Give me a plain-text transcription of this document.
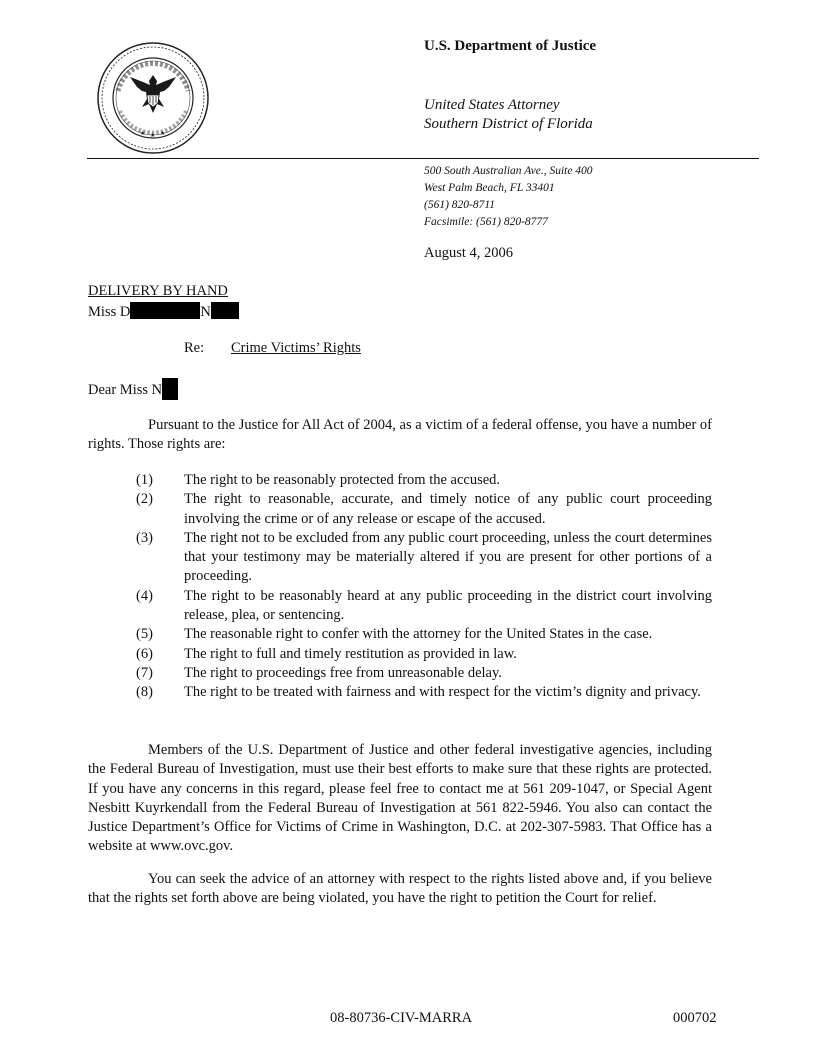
★ ★ ★
U.S. Department of Justice
United States Attorney
Southern District of Florida
500 South Australian Ave., Suite 400
West Palm Beach, FL 33401
(561) 820-8711
Facsimile: (561) 820-8777
August 4, 2006
DELIVERY BY HAND
Miss D	N
Re: Crime Victims’ Rights
Dear Miss N

Pursuant to the Justice for All Act of 2004, as a victim of a federal offense, you have a number of rights. Those rights are:

(1) The right to be reasonably protected from the accused.
(2) The right to reasonable, accurate, and timely notice of any public court proceeding involving the crime or of any release or escape of the accused.
(3) The right not to be excluded from any public court proceeding, unless the court determines that your testimony may be materially altered if you are present for other portions of a proceeding.
(4) The right to be reasonably heard at any public proceeding in the district court involving release, plea, or sentencing.
(5) The reasonable right to confer with the attorney for the United States in the case.
(6) The right to full and timely restitution as provided in law.
(7) The right to proceedings free from unreasonable delay.
(8) The right to be treated with fairness and with respect for the victim’s dignity and privacy.

Members of the U.S. Department of Justice and other federal investigative agencies, including the Federal Bureau of Investigation, must use their best efforts to make sure that these rights are protected. If you have any concerns in this regard, please feel free to contact me at 561 209-1047, or Special Agent Nesbitt Kuyrkendall from the Federal Bureau of Investigation at 561 822-5946. You also can contact the Justice Department’s Office for Victims of Crime in Washington, D.C. at 202-307-5983. That Office has a website at www.ovc.gov.

You can seek the advice of an attorney with respect to the rights listed above and, if you believe that the rights set forth above are being violated, you have the right to petition the Court for relief.

08-80736-CIV-MARRA	000702
